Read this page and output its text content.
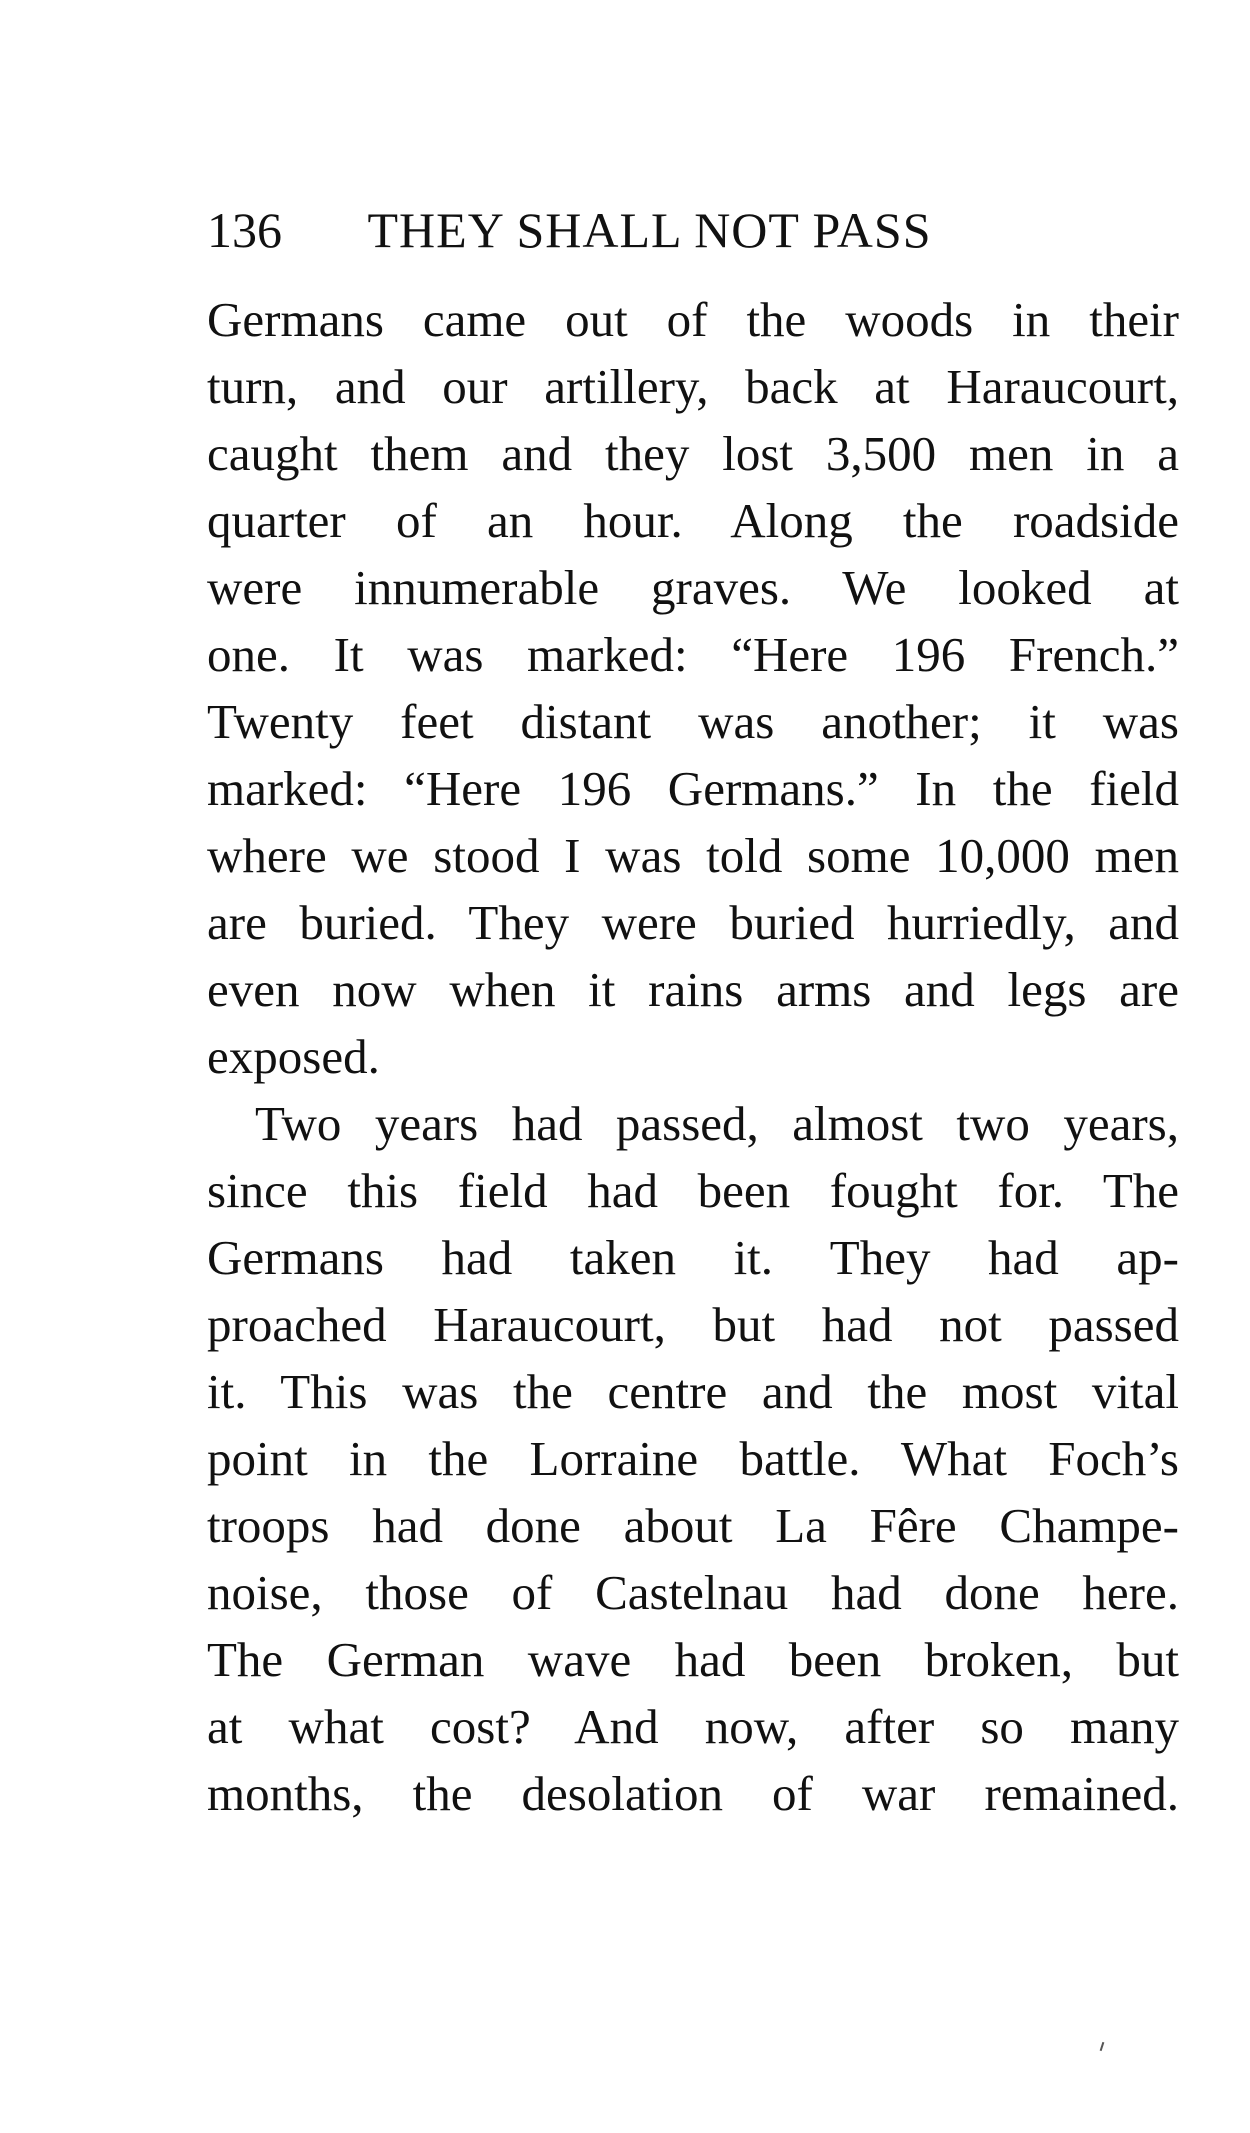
136 THEY SHALL NOT PASS
Germans came out of the woods in their
turn, and our artillery, back at Haraucourt,
caught them and they lost 3,500 men in a
quarter of an hour. Along the roadside
were innumerable graves. We looked at
one. It was marked: “Here 196 French.”
Twenty feet distant was another; it was
marked: “Here 196 Germans.” In the field
where we stood I was told some 10,000 men
are buried. They were buried hurriedly, and
even now when it rains arms and legs are
exposed.
Two years had passed, almost two years,
since this field had been fought for. The
Germans had taken it. They had ap-
proached Haraucourt, but had not passed
it. This was the centre and the most vital
point in the Lorraine battle. What Foch’s
troops had done about La Fêre Champe-
noise, those of Castelnau had done here.
The German wave had been broken, but
at what cost? And now, after so many
months, the desolation of war remained.
